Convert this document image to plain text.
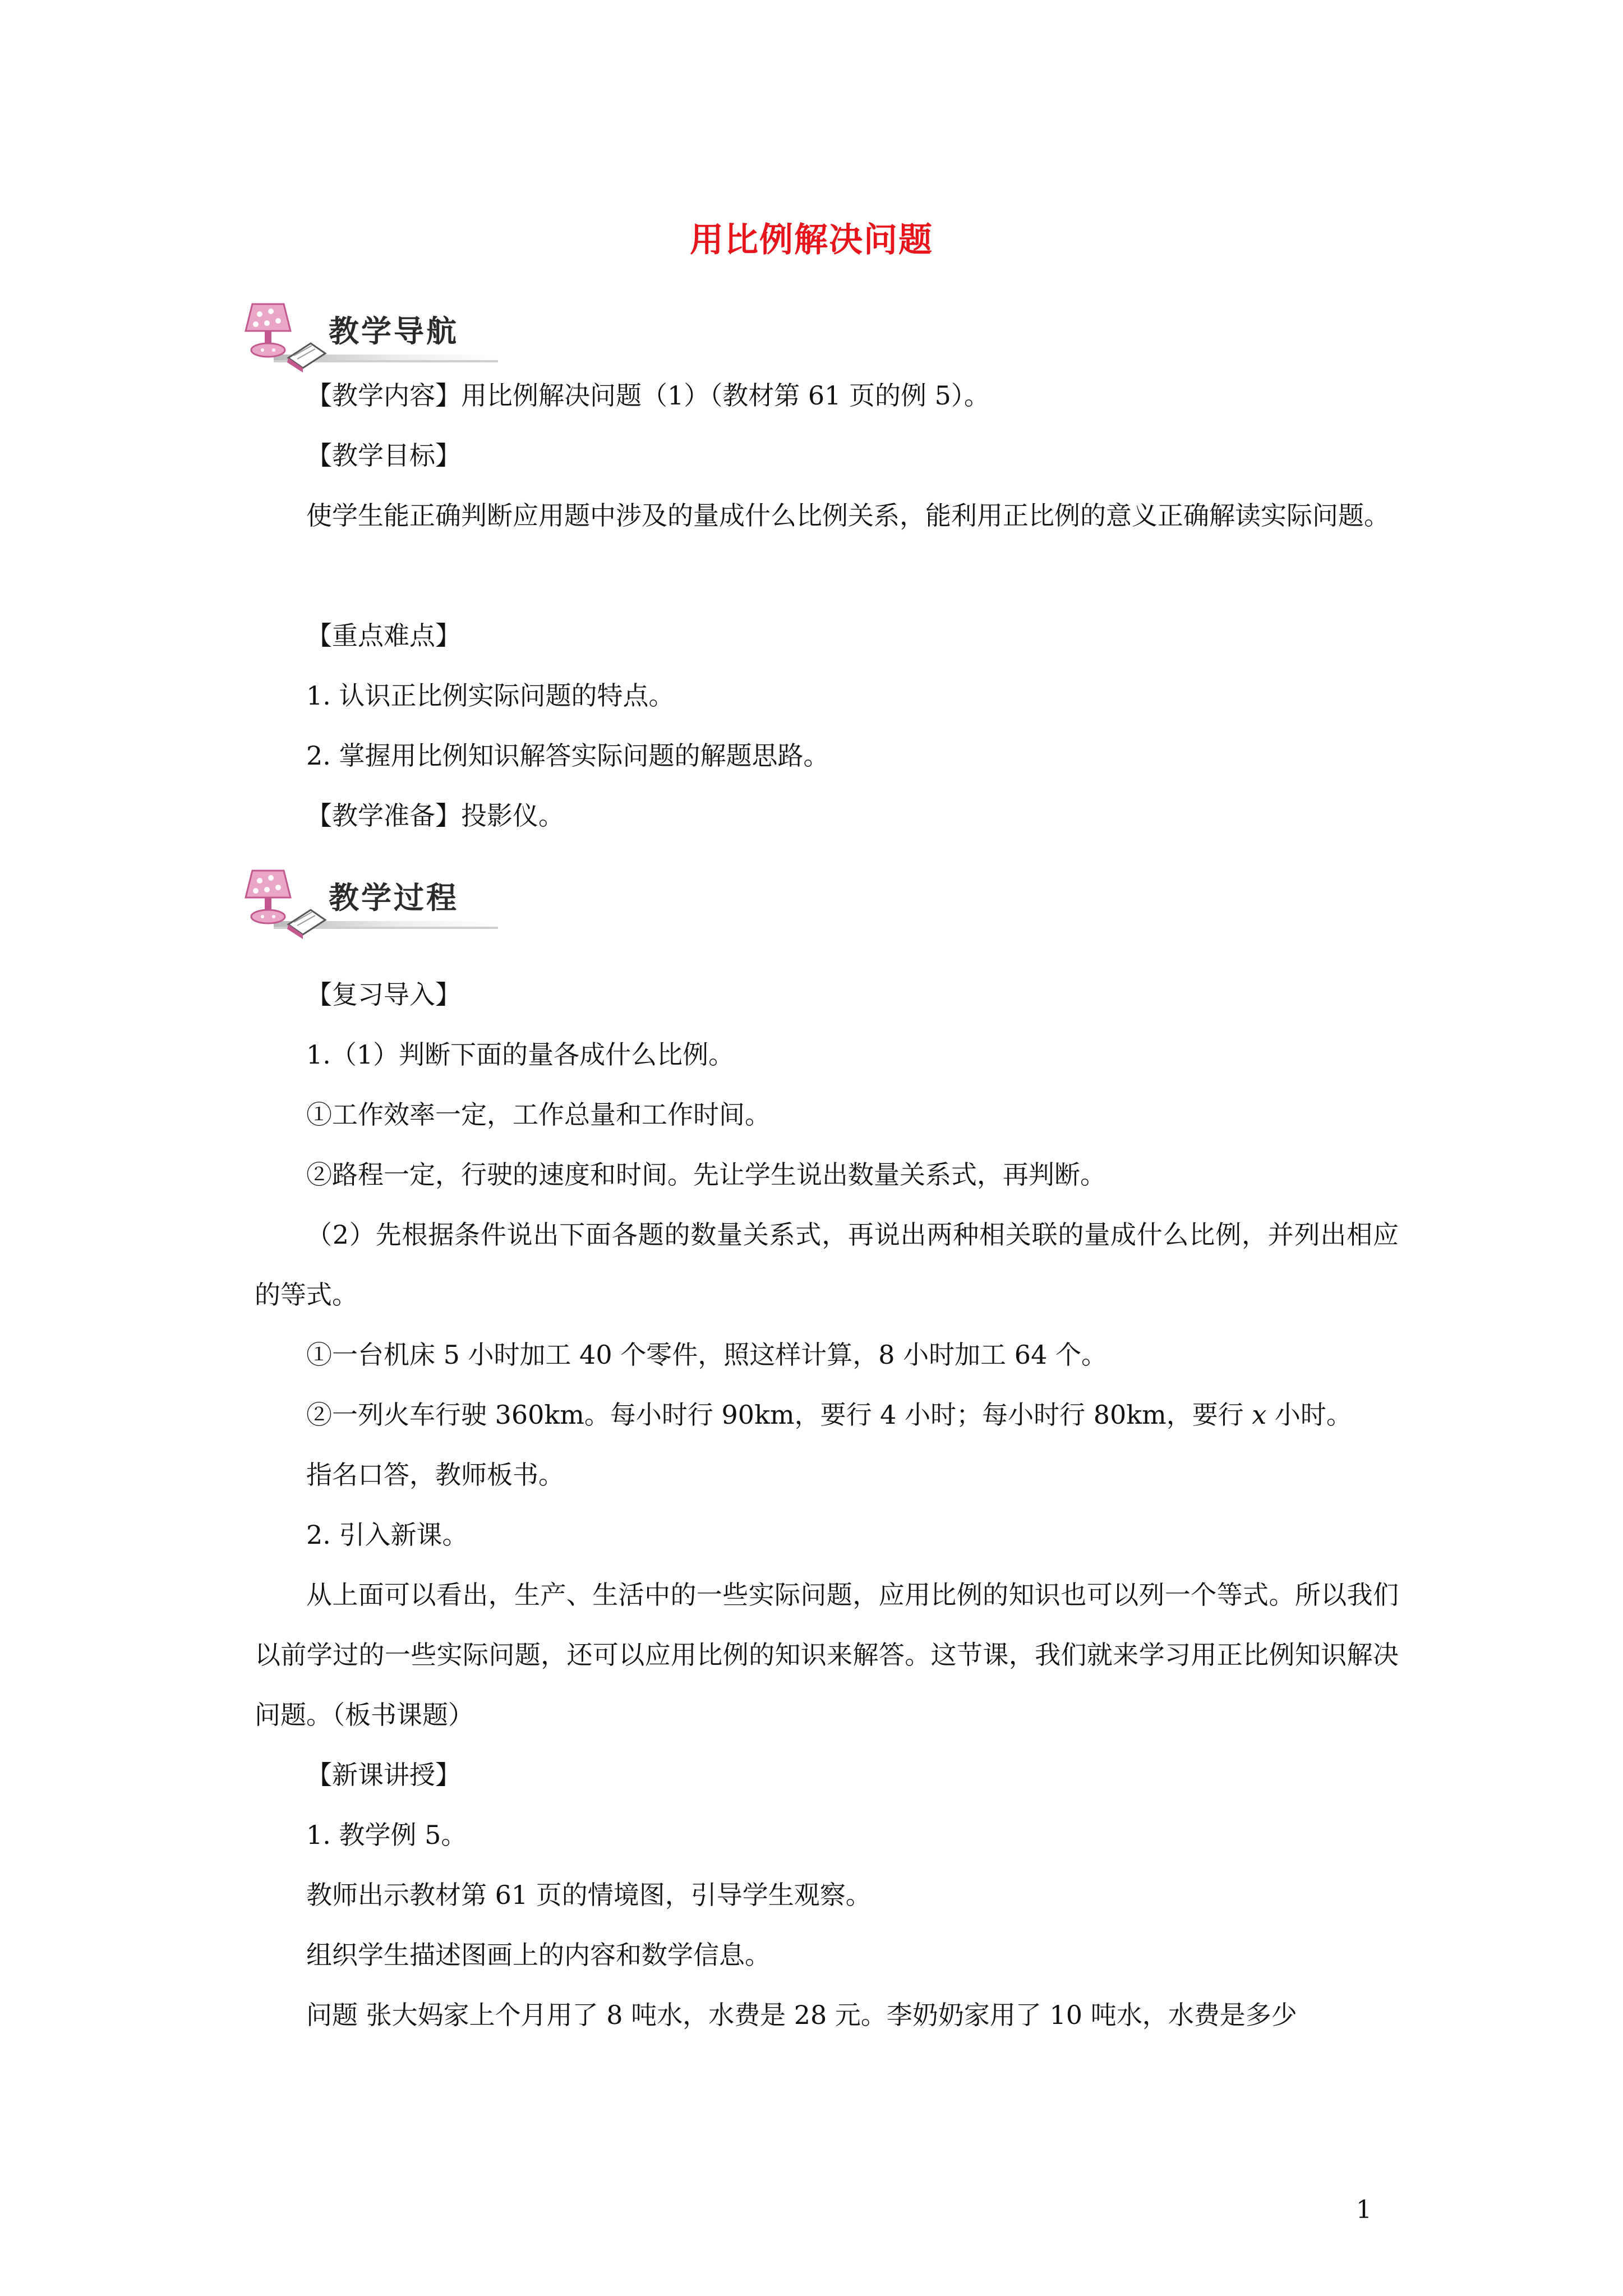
用比例解决问题
教学导航
【教学内容】用比例解决问题（1）（教材第 61 页的例 5）。
【教学目标】
使学生能正确判断应用题中涉及的量成什么比例关系，能利用正比例的意义正确解读实际问题。
【重点难点】
1. 认识正比例实际问题的特点。
2. 掌握用比例知识解答实际问题的解题思路。
【教学准备】投影仪。
教学过程
【复习导入】
1.（1）判断下面的量各成什么比例。
①工作效率一定，工作总量和工作时间。
②路程一定，行驶的速度和时间。先让学生说出数量关系式，再判断。
（2）先根据条件说出下面各题的数量关系式，再说出两种相关联的量成什么比例，并列出相应的等式。
①一台机床 5 小时加工 40 个零件，照这样计算，8 小时加工 64 个。
②一列火车行驶 360km。每小时行 90km，要行 4 小时；每小时行 80km，要行 x 小时。
指名口答，教师板书。
2. 引入新课。
从上面可以看出，生产、生活中的一些实际问题，应用比例的知识也可以列一个等式。所以我们以前学过的一些实际问题，还可以应用比例的知识来解答。这节课，我们就来学习用正比例知识解决问题。（板书课题）
【新课讲授】
1. 教学例 5。
教师出示教材第 61 页的情境图，引导学生观察。
组织学生描述图画上的内容和数学信息。
问题 张大妈家上个月用了 8 吨水，水费是 28 元。李奶奶家用了 10 吨水，水费是多少
1
